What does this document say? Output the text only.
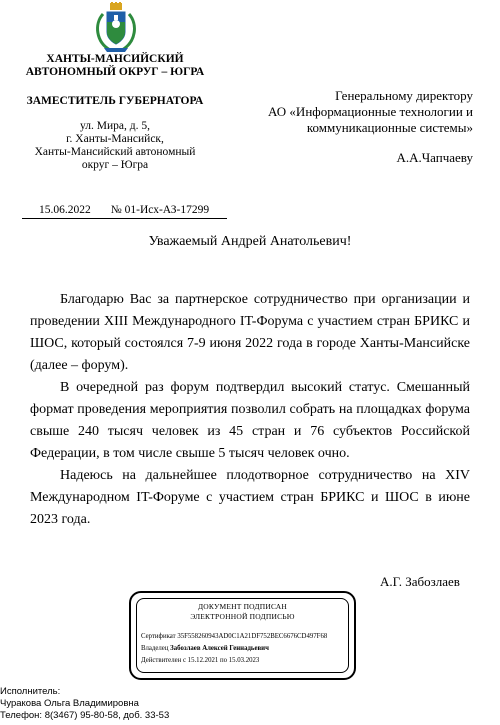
ХАНТЫ-МАНСИЙСКИЙ
АВТОНОМНЫЙ ОКРУГ – ЮГРА
ЗАМЕСТИТЕЛЬ ГУБЕРНАТОРА
ул. Мира, д. 5,
г. Ханты-Мансийск,
Ханты-Мансийский автономный
округ – Югра
Генеральному директору
АО «Информационные технологии и
коммуникационные системы»
А.А.Чапчаеву
15.06.2022 № 01-Исх-АЗ-17299
Уважаемый Андрей Анатольевич!

Благодарю Вас за партнерское сотрудничество при организации и проведении XIII Международного IT-Форума с участием стран БРИКС и ШОС, который состоялся 7-9 июня 2022 года в городе Ханты-Мансийске (далее – форум).

В очередной раз форум подтвердил высокий статус. Смешанный формат проведения мероприятия позволил собрать на площадках форума свыше 240 тысяч человек из 45 стран и 76 субъектов Российской Федерации, в том числе свыше 5 тысяч человек очно.

Надеюсь на дальнейшее плодотворное сотрудничество на XIV Международном IT-Форуме с участием стран БРИКС и ШОС в июне 2023 года.

А.Г. Забозлаев
ДОКУМЕНТ ПОДПИСАН
ЭЛЕКТРОННОЙ ПОДПИСЬЮ
Сертификат 35F558260943AD0C1A21DF752BEC6676CD497F68
Владелец Забозлаев Алексей Геннадьевич
Действителен с 15.12.2021 по 15.03.2023
Исполнитель:
Чуракова Ольга Владимировна
Телефон: 8(3467) 95-80-58, доб. 33-53
